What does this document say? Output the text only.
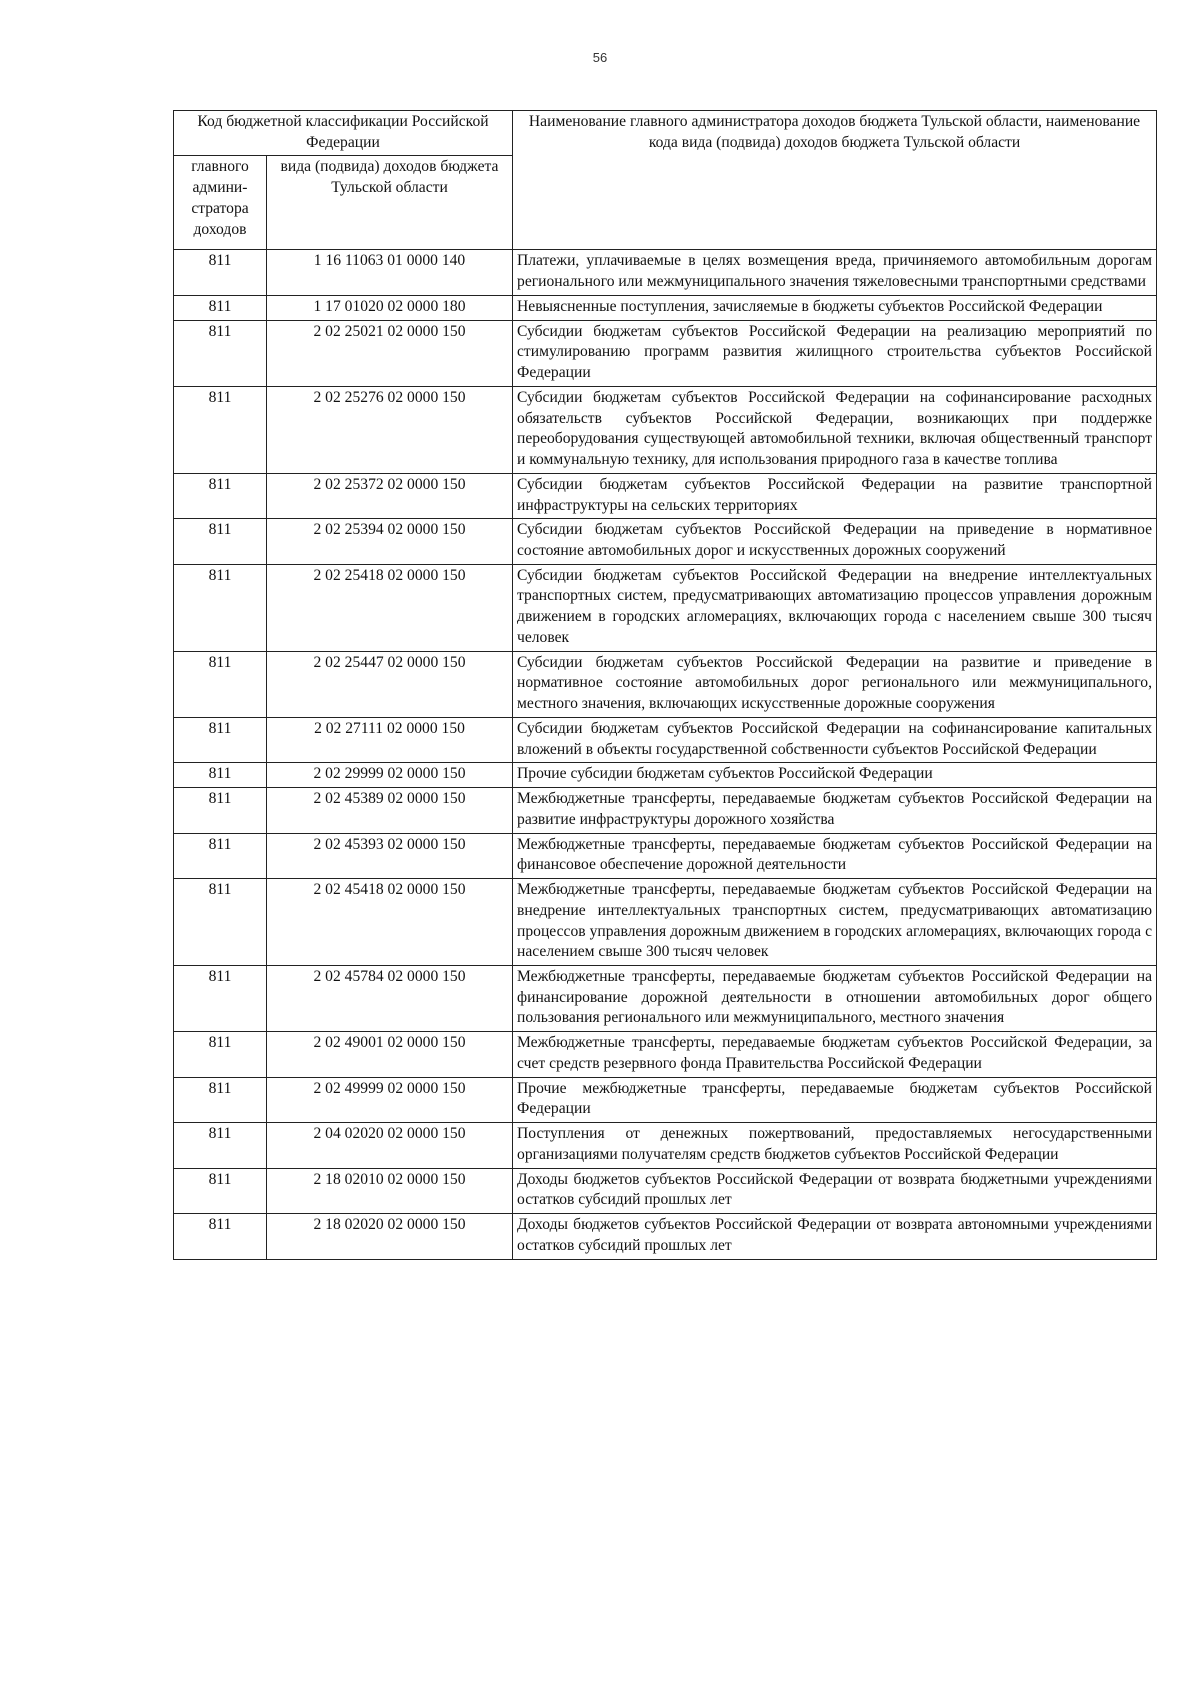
56
Код бюджетной классификации Российской Федерации		Наименование главного администратора доходов бюджета Тульской области, наименование кода вида (подвида) доходов бюджета Тульской области
главного админи-стратора доходов	вида (подвида) доходов бюджета Тульской области	
811	1 16 11063 01 0000 140	Платежи, уплачиваемые в целях возмещения вреда, причиняемого автомобильным дорогам регионального или межмуниципального значения тяжеловесными транспортными средствами
811	1 17 01020 02 0000 180	Невыясненные поступления, зачисляемые в бюджеты субъектов Российской Федерации
811	2 02 25021 02 0000 150	Субсидии бюджетам субъектов Российской Федерации на реализацию мероприятий по стимулированию программ развития жилищного строительства субъектов Российской Федерации
811	2 02 25276 02 0000 150	Субсидии бюджетам субъектов Российской Федерации на софинансирование расходных обязательств субъектов Российской Федерации, возникающих при поддержке переоборудования существующей автомобильной техники, включая общественный транспорт и коммунальную технику, для использования природного газа в качестве топлива
811	2 02 25372 02 0000 150	Субсидии бюджетам субъектов Российской Федерации на развитие транспортной инфраструктуры на сельских территориях
811	2 02 25394 02 0000 150	Субсидии бюджетам субъектов Российской Федерации на приведение в нормативное состояние автомобильных дорог и искусственных дорожных сооружений
811	2 02 25418 02 0000 150	Субсидии бюджетам субъектов Российской Федерации на внедрение интеллектуальных транспортных систем, предусматривающих автоматизацию процессов управления дорожным движением в городских агломерациях, включающих города с населением свыше 300 тысяч человек
811	2 02 25447 02 0000 150	Субсидии бюджетам субъектов Российской Федерации на развитие и приведение в нормативное состояние автомобильных дорог регионального или межмуниципального, местного значения, включающих искусственные дорожные сооружения
811	2 02 27111 02 0000 150	Субсидии бюджетам субъектов Российской Федерации на софинансирование капитальных вложений в объекты государственной собственности субъектов Российской Федерации
811	2 02 29999 02 0000 150	Прочие субсидии бюджетам субъектов Российской Федерации
811	2 02 45389 02 0000 150	Межбюджетные трансферты, передаваемые бюджетам субъектов Российской Федерации на развитие инфраструктуры дорожного хозяйства
811	2 02 45393 02 0000 150	Межбюджетные трансферты, передаваемые бюджетам субъектов Российской Федерации на финансовое обеспечение дорожной деятельности
811	2 02 45418 02 0000 150	Межбюджетные трансферты, передаваемые бюджетам субъектов Российской Федерации на внедрение интеллектуальных транспортных систем, предусматривающих автоматизацию процессов управления дорожным движением в городских агломерациях, включающих города с населением свыше 300 тысяч человек
811	2 02 45784 02 0000 150	Межбюджетные трансферты, передаваемые бюджетам субъектов Российской Федерации на финансирование дорожной деятельности в отношении автомобильных дорог общего пользования регионального или межмуниципального, местного значения
811	2 02 49001 02 0000 150	Межбюджетные трансферты, передаваемые бюджетам субъектов Российской Федерации, за счет средств резервного фонда Правительства Российской Федерации
811	2 02 49999 02 0000 150	Прочие межбюджетные трансферты, передаваемые бюджетам субъектов Российской Федерации
811	2 04 02020 02 0000 150	Поступления от денежных пожертвований, предоставляемых негосударственными организациями получателям средств бюджетов субъектов Российской Федерации
811	2 18 02010 02 0000 150	Доходы бюджетов субъектов Российской Федерации от возврата бюджетными учреждениями остатков субсидий прошлых лет
811	2 18 02020 02 0000 150	Доходы бюджетов субъектов Российской Федерации от возврата автономными учреждениями остатков субсидий прошлых лет
